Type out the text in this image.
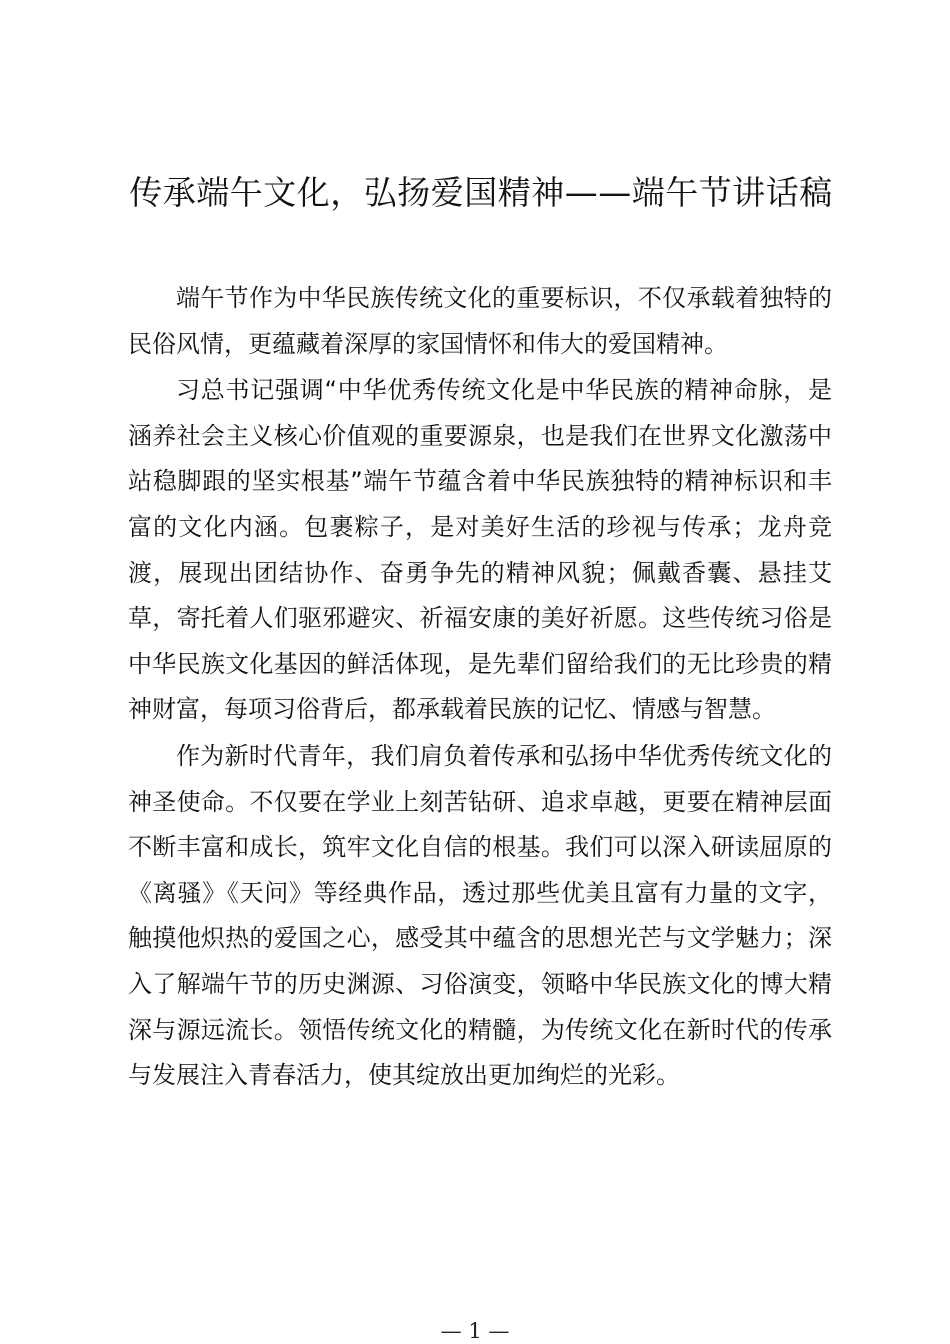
传承端午文化，弘扬爱国精神——端午节讲话稿

端午节作为中华民族传统文化的重要标识，不仅承载着独特的民俗风情，更蕴藏着深厚的家国情怀和伟大的爱国精神。

习总书记强调“中华优秀传统文化是中华民族的精神命脉，是涵养社会主义核心价值观的重要源泉，也是我们在世界文化激荡中站稳脚跟的坚实根基”端午节蕴含着中华民族独特的精神标识和丰富的文化内涵。包裹粽子，是对美好生活的珍视与传承；龙舟竞渡，展现出团结协作、奋勇争先的精神风貌；佩戴香囊、悬挂艾草，寄托着人们驱邪避灾、祈福安康的美好祈愿。这些传统习俗是中华民族文化基因的鲜活体现，是先辈们留给我们的无比珍贵的精神财富，每项习俗背后，都承载着民族的记忆、情感与智慧。

作为新时代青年，我们肩负着传承和弘扬中华优秀传统文化的神圣使命。不仅要在学业上刻苦钻研、追求卓越，更要在精神层面不断丰富和成长，筑牢文化自信的根基。我们可以深入研读屈原的《离骚》《天问》等经典作品，透过那些优美且富有力量的文字，触摸他炽热的爱国之心，感受其中蕴含的思想光芒与文学魅力；深入了解端午节的历史渊源、习俗演变，领略中华民族文化的博大精深与源远流长。领悟传统文化的精髓，为传统文化在新时代的传承与发展注入青春活力，使其绽放出更加绚烂的光彩。

— 1 —
